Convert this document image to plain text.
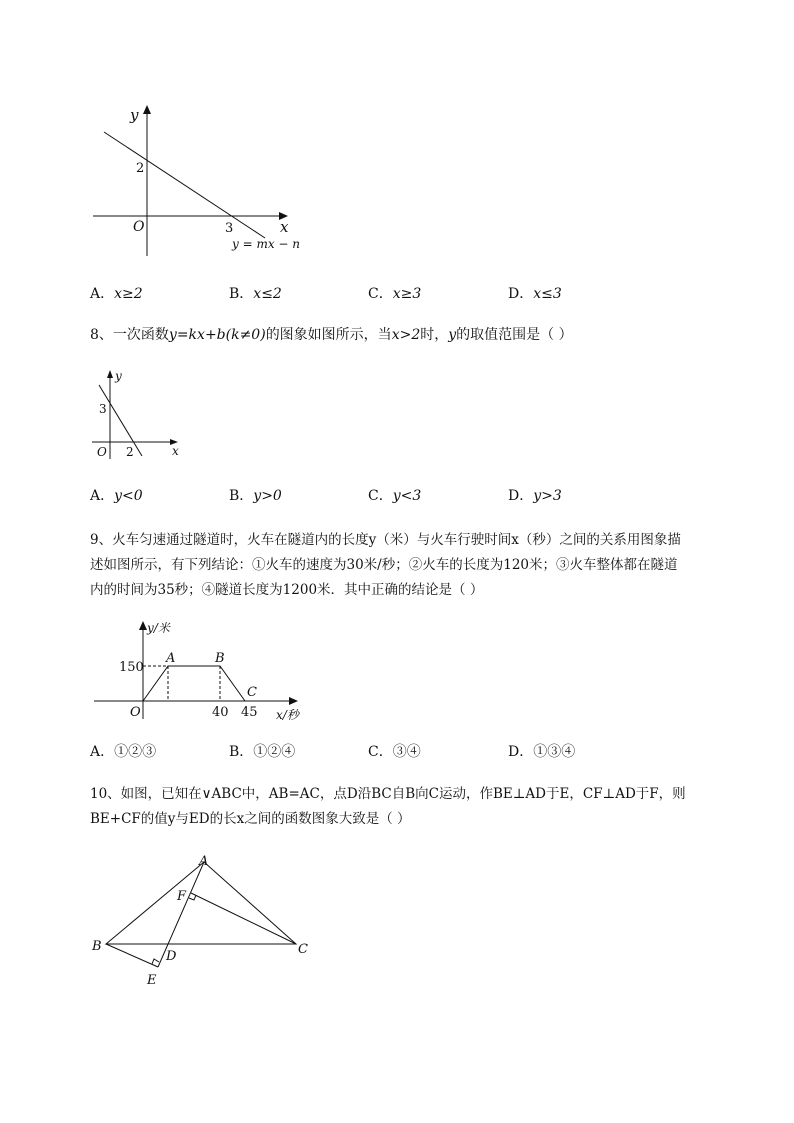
y
x
O
2
3
y = mx − n
A．x≥2	B．x≤2	C．x≥3	D．x≤3
8、一次函数y=kx+b(k≠0)的图象如图所示，当x>2时，y的取值范围是（ ）
y
x
O
3
2
A．y<0	B．y>0	C．y<3	D．y>3
9、火车匀速通过隧道时，火车在隧道内的长度y（米）与火车行驶时间x（秒）之间的关系用图象描
述如图所示，有下列结论：①火车的速度为30米/秒；②火车的长度为120米；③火车整体都在隧道
内的时间为35秒；④隧道长度为1200米．其中正确的结论是（ ）
y/米
x/秒
O
150
A	B
C
40 45
A．①②③	B．①②④	C．③④	D．①③④
10、如图，已知在∨ABC中，AB=AC，点D沿BC自B向C运动，作BE⊥AD于E，CF⊥AD于F，则
BE+CF的值y与ED的长x之间的函数图象大致是（ ）
A
B	C
D
E
F
